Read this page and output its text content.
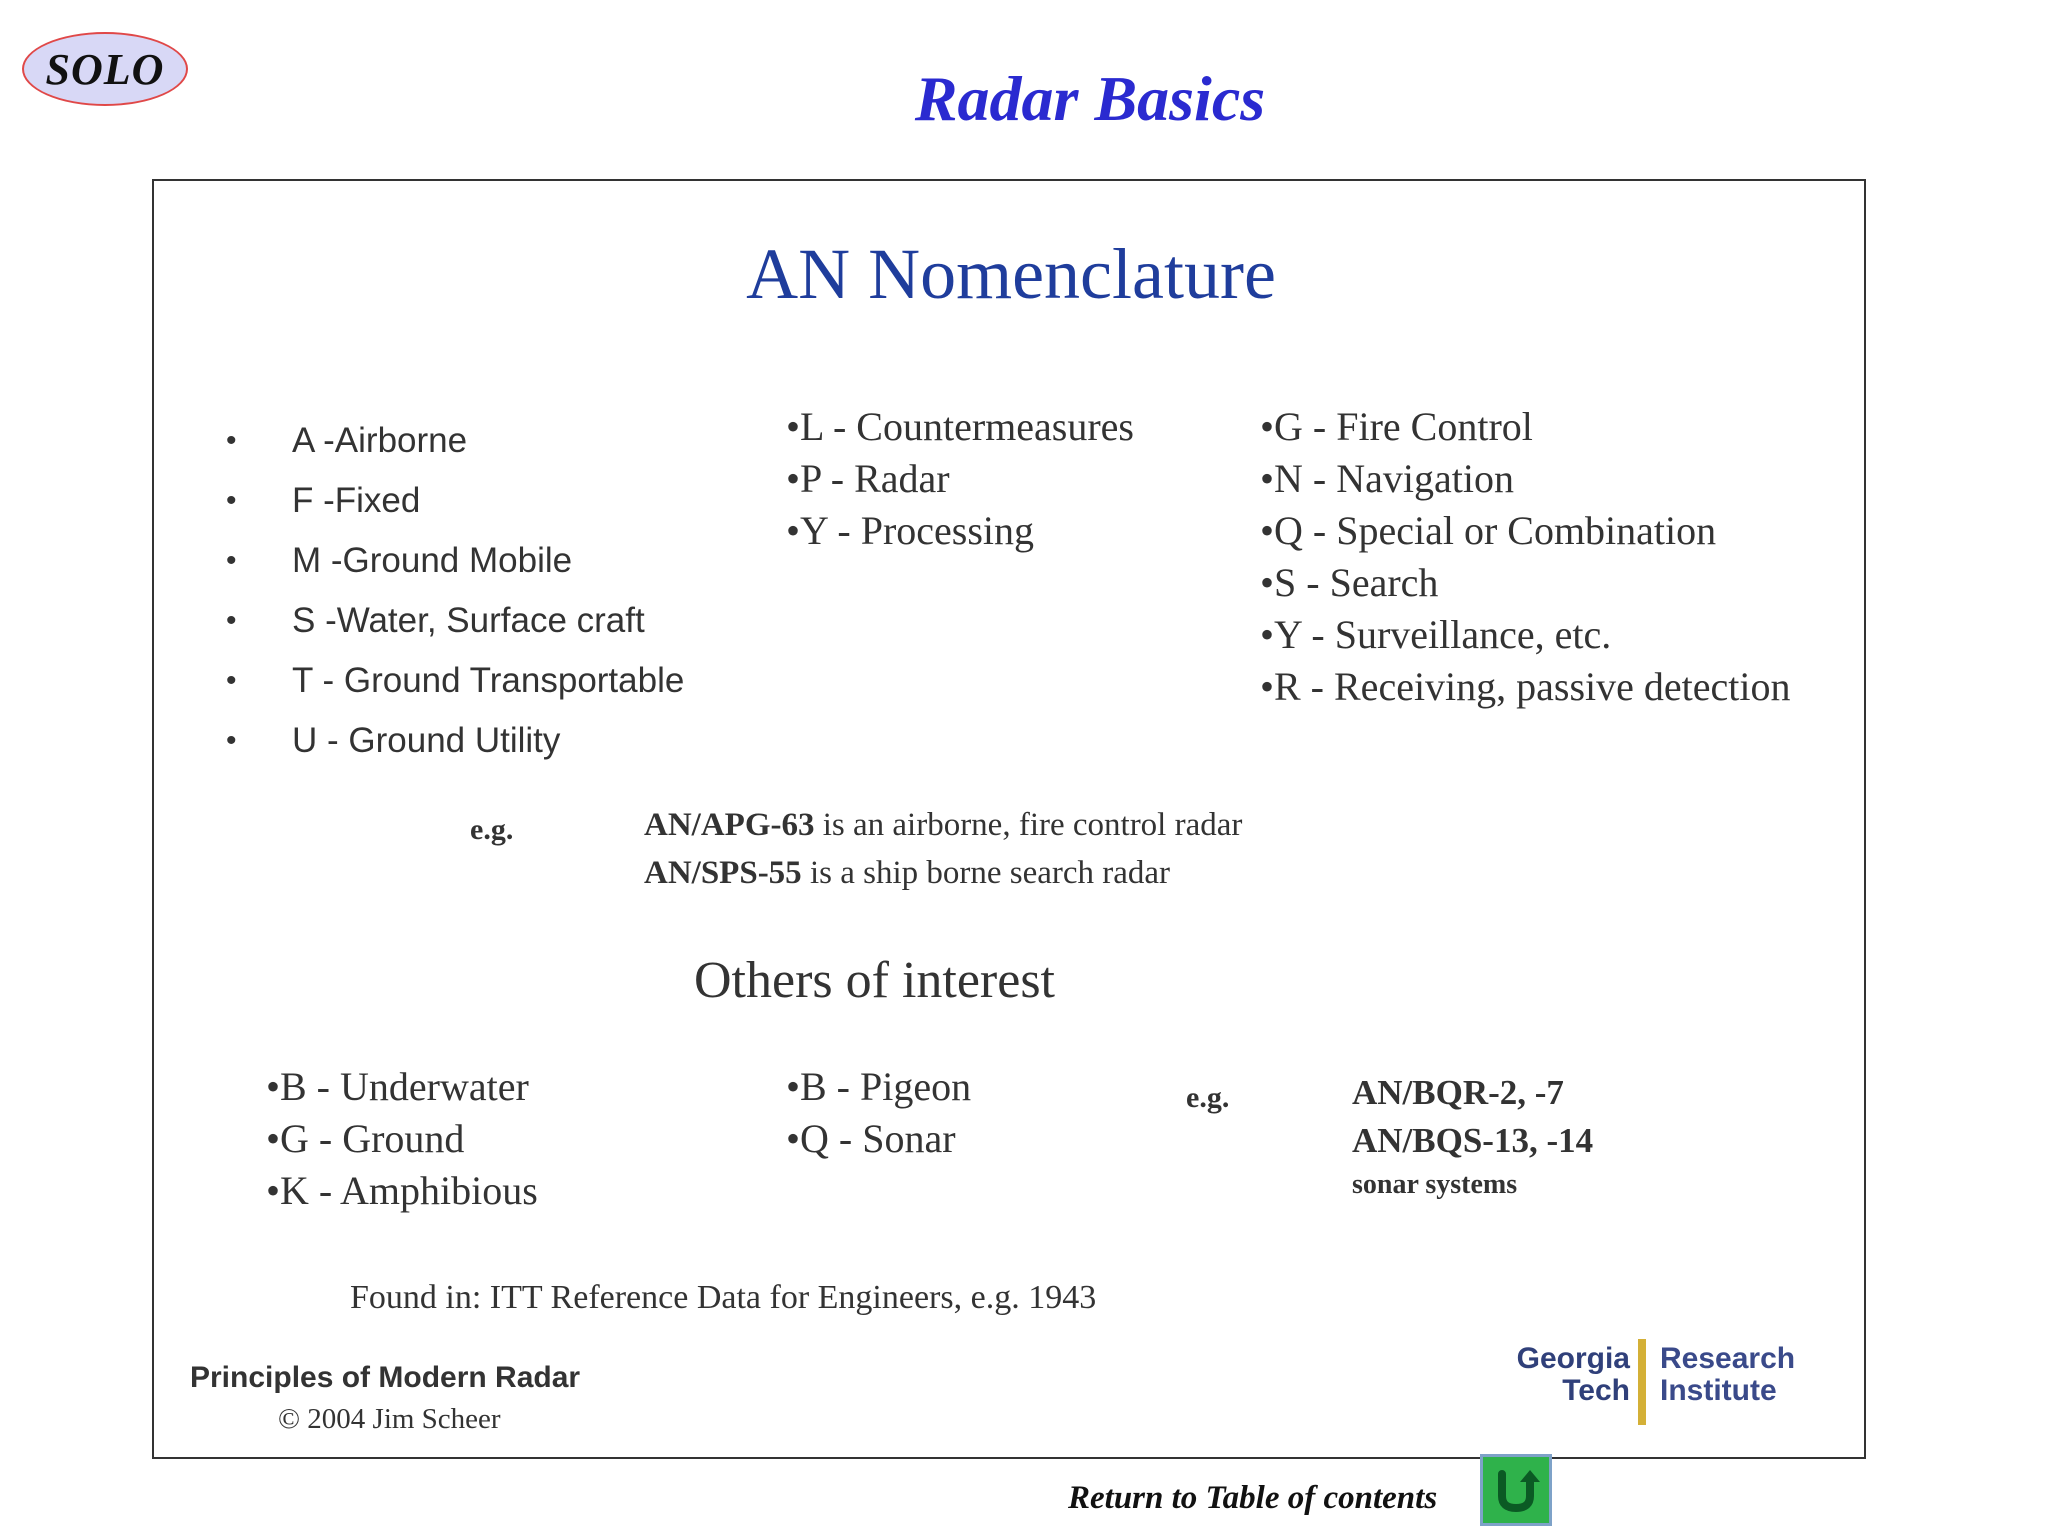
SOLO	Radar Basics
AN Nomenclature
•	A -Airborne
•	F -Fixed
•	M -Ground Mobile
•	S -Water, Surface craft
•	T - Ground Transportable
•	U - Ground Utility
•L - Countermeasures
•P - Radar
•Y - Processing
•G - Fire Control
•N - Navigation
•Q - Special or Combination
•S - Search
•Y - Surveillance, etc.
•R - Receiving, passive detection
e.g.	AN/APG-63 is an airborne, fire control radar
AN/SPS-55 is a ship borne search radar
Others of interest
•B - Underwater
•G - Ground
•K - Amphibious
•B - Pigeon
•Q - Sonar
e.g.	AN/BQR-2, -7
AN/BQS-13, -14
sonar systems
Found in: ITT Reference Data for Engineers, e.g. 1943
Principles of Modern Radar
© 2004 Jim Scheer
Georgia
Tech
Research
Institute
Return to Table of contents
